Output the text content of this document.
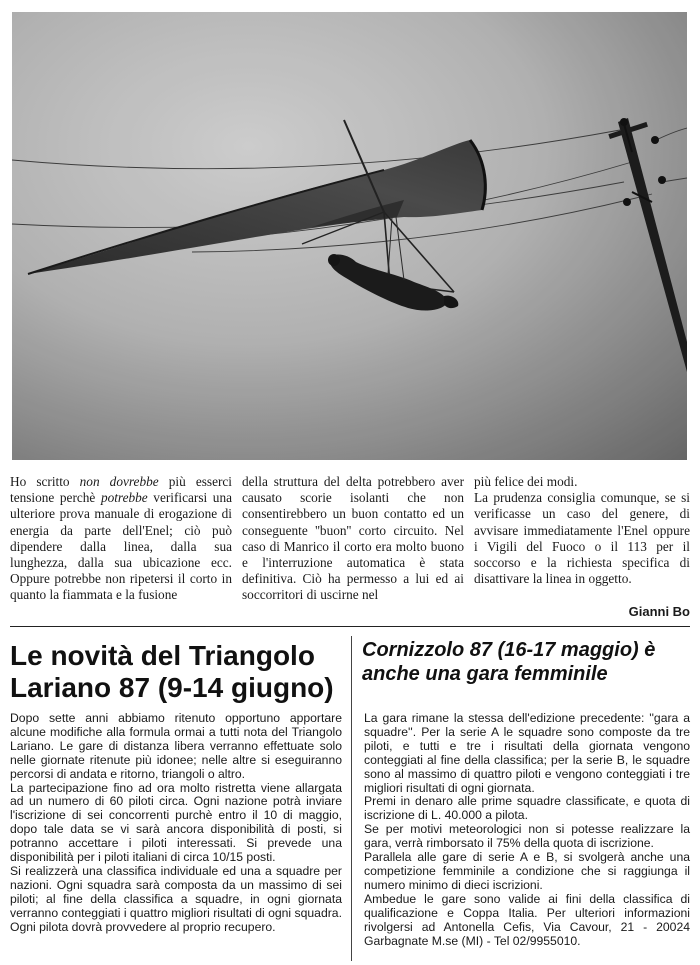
Ho scritto non dovrebbe più esserci tensione perchè potrebbe verificarsi una ulteriore prova manuale di erogazione di energia da parte dell'Enel; ciò può dipendere dalla linea, dalla sua lunghezza, dalla sua ubicazione ecc. Oppure potrebbe non ripetersi il corto in quanto la fiammata e la fusione

della struttura del delta potrebbero aver causato scorie isolanti che non consentirebbero un buon contatto ed un conseguente ''buon'' corto circuito. Nel caso di Manrico il corto era molto buono e l'interruzione automatica è stata definitiva. Ciò ha permesso a lui ed ai soccorritori di uscirne nel

più felice dei modi.

La prudenza consiglia comunque, se si verificasse un caso del genere, di avvisare immediatamente l'Enel oppure i Vigili del Fuoco o il 113 per il soccorso e la richiesta specifica di disattivare la linea in oggetto.

Gianni Bo
Le novità del Triangolo Lariano 87 (9-14 giugno)

Dopo sette anni abbiamo ritenuto opportuno apportare alcune modifiche alla formula ormai a tutti nota del Triangolo Lariano. Le gare di distanza libera verranno effettuate solo nelle giornate ritenute più idonee; nelle altre si eseguiranno percorsi di andata e ritorno, triangoli o altro.

La partecipazione fino ad ora molto ristretta viene allargata ad un numero di 60 piloti circa. Ogni nazione potrà inviare l'iscrizione di sei concorrenti purchè entro il 10 di maggio, dopo tale data se vi sarà ancora disponibilità di posti, si potranno accettare i piloti interessati. Si prevede una disponibilità per i piloti italiani di circa 10/15 posti.

Si realizzerà una classifica individuale ed una a squadre per nazioni. Ogni squadra sarà composta da un massimo di sei piloti; al fine della classifica a squadre, in ogni giornata verranno conteggiati i quattro migliori risultati di ogni squadra.

Ogni pilota dovrà provvedere al proprio recupero.

Cornizzolo 87 (16-17 maggio) è anche una gara femminile

La gara rimane la stessa dell'edizione precedente: ''gara a squadre''. Per la serie A le squadre sono composte da tre piloti, e tutti e tre i risultati della giornata vengono conteggiati al fine della classifica; per la serie B, le squadre sono al massimo di quattro piloti e vengono conteggiati i tre migliori risultati di ogni giornata.

Premi in denaro alle prime squadre classificate, e quota di iscrizione di L. 40.000 a pilota.

Se per motivi meteorologici non si potesse realizzare la gara, verrà rimborsato il 75% della quota di iscrizione.

Parallela alle gare di serie A e B, si svolgerà anche una competizione femminile a condizione che si raggiunga il numero minimo di dieci iscrizioni.

Ambedue le gare sono valide ai fini della classifica di qualificazione e Coppa Italia. Per ulteriori informazioni rivolgersi ad Antonella Cefis, Via Cavour, 21 - 20024 Garbagnate M.se (MI) - Tel 02/9955010.
